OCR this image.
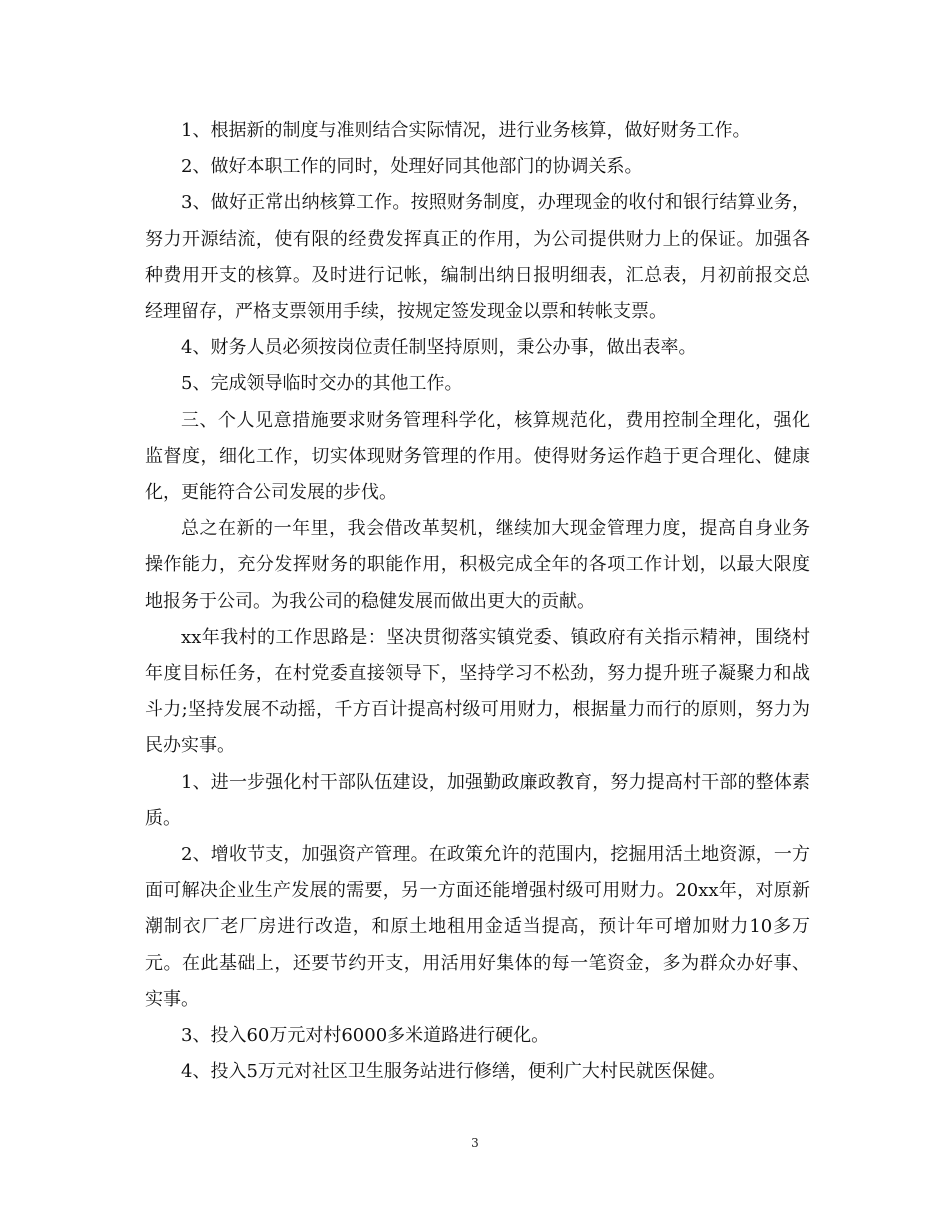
1、根据新的制度与准则结合实际情况，进行业务核算，做好财务工作。

2、做好本职工作的同时，处理好同其他部门的协调关系。

3、做好正常出纳核算工作。按照财务制度，办理现金的收付和银行结算业务，努力开源结流，使有限的经费发挥真正的作用，为公司提供财力上的保证。加强各种费用开支的核算。及时进行记帐，编制出纳日报明细表，汇总表，月初前报交总经理留存，严格支票领用手续，按规定签发现金以票和转帐支票。

4、财务人员必须按岗位责任制坚持原则，秉公办事，做出表率。

5、完成领导临时交办的其他工作。

三、个人见意措施要求财务管理科学化，核算规范化，费用控制全理化，强化监督度，细化工作，切实体现财务管理的作用。使得财务运作趋于更合理化、健康化，更能符合公司发展的步伐。

总之在新的一年里，我会借改革契机，继续加大现金管理力度，提高自身业务操作能力，充分发挥财务的职能作用，积极完成全年的各项工作计划，以最大限度地报务于公司。为我公司的稳健发展而做出更大的贡献。

xx年我村的工作思路是：坚决贯彻落实镇党委、镇政府有关指示精神，围绕村年度目标任务，在村党委直接领导下，坚持学习不松劲，努力提升班子凝聚力和战斗力;坚持发展不动摇，千方百计提高村级可用财力，根据量力而行的原则，努力为民办实事。

1、进一步强化村干部队伍建设，加强勤政廉政教育，努力提高村干部的整体素质。

2、增收节支，加强资产管理。在政策允许的范围内，挖掘用活土地资源，一方面可解决企业生产发展的需要，另一方面还能增强村级可用财力。20xx年，对原新潮制衣厂老厂房进行改造，和原土地租用金适当提高，预计年可增加财力10多万元。在此基础上，还要节约开支，用活用好集体的每一笔资金，多为群众办好事、实事。

3、投入60万元对村6000多米道路进行硬化。

4、投入5万元对社区卫生服务站进行修缮，便利广大村民就医保健。

3
